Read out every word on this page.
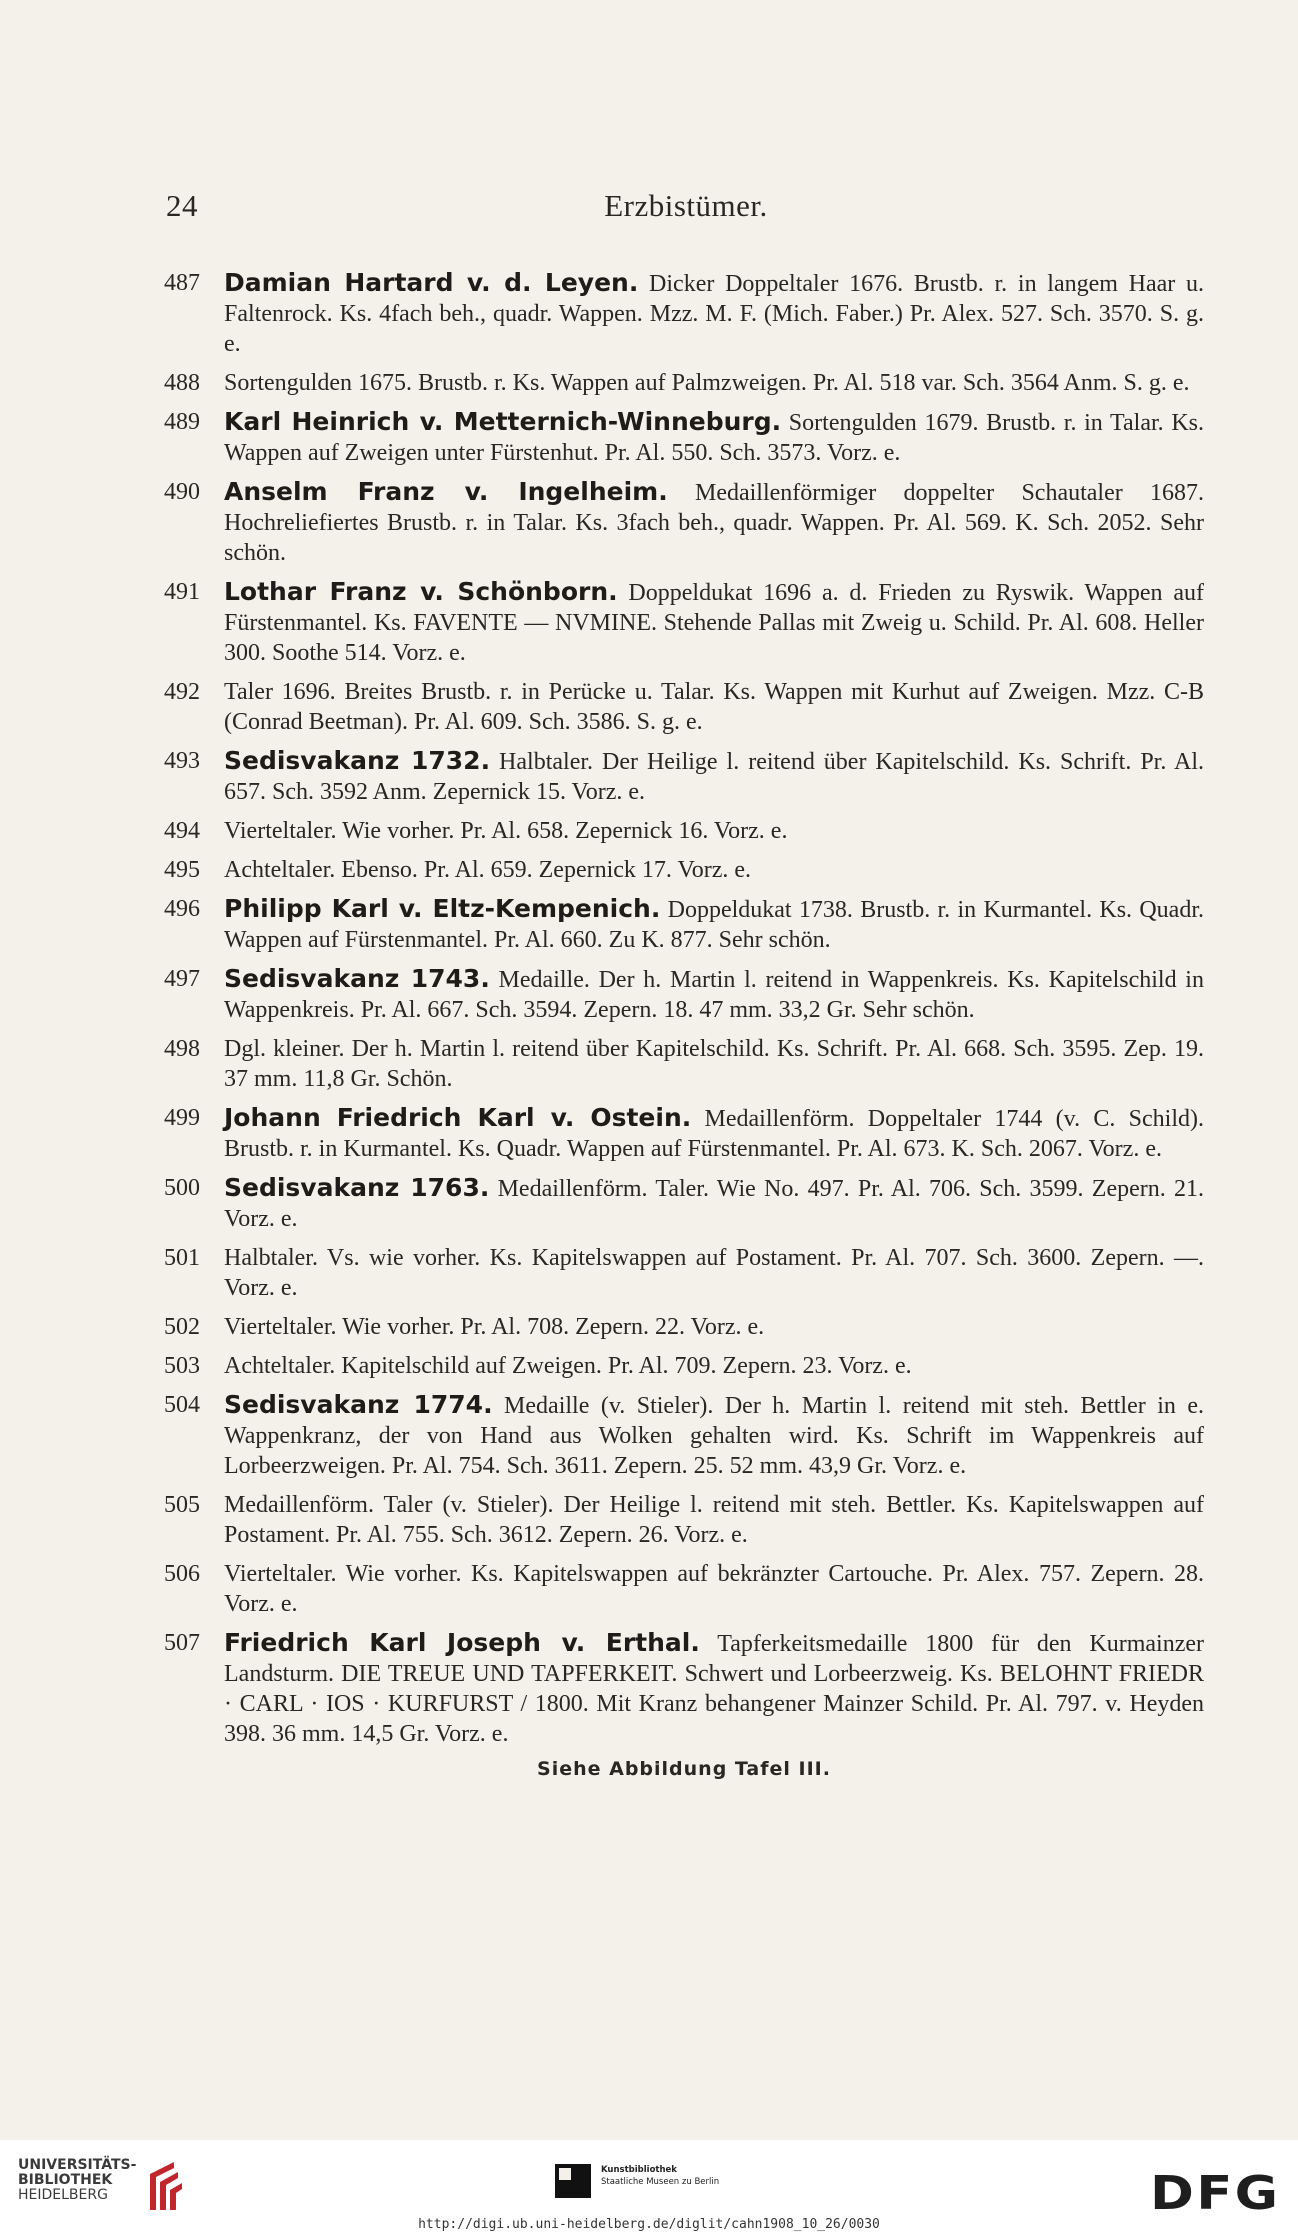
24	Erzbistümer.
487 Damian Hartard v. d. Leyen. Dicker Doppeltaler 1676. Brustb. r. in langem Haar u. Faltenrock. Ks. 4fach beh., quadr. Wappen. Mzz. M. F. (Mich. Faber.) Pr. Alex. 527. Sch. 3570. S. g. e.
488 Sortengulden 1675. Brustb. r. Ks. Wappen auf Palmzweigen. Pr. Al. 518 var. Sch. 3564 Anm. S. g. e.
489 Karl Heinrich v. Metternich-Winneburg. Sortengulden 1679. Brustb. r. in Talar. Ks. Wappen auf Zweigen unter Fürstenhut. Pr. Al. 550. Sch. 3573. Vorz. e.
490 Anselm Franz v. Ingelheim. Medaillenförmiger doppelter Schautaler 1687. Hochreliefiertes Brustb. r. in Talar. Ks. 3fach beh., quadr. Wappen. Pr. Al. 569. K. Sch. 2052. Sehr schön.
491 Lothar Franz v. Schönborn. Doppeldukat 1696 a. d. Frieden zu Ryswik. Wappen auf Fürstenmantel. Ks. FAVENTE — NVMINE. Stehende Pallas mit Zweig u. Schild. Pr. Al. 608. Heller 300. Soothe 514. Vorz. e.
492 Taler 1696. Breites Brustb. r. in Perücke u. Talar. Ks. Wappen mit Kurhut auf Zweigen. Mzz. C-B (Conrad Beetman). Pr. Al. 609. Sch. 3586. S. g. e.
493 Sedisvakanz 1732. Halbtaler. Der Heilige l. reitend über Kapitelschild. Ks. Schrift. Pr. Al. 657. Sch. 3592 Anm. Zepernick 15. Vorz. e.
494 Vierteltaler. Wie vorher. Pr. Al. 658. Zepernick 16. Vorz. e.
495 Achteltaler. Ebenso. Pr. Al. 659. Zepernick 17. Vorz. e.
496 Philipp Karl v. Eltz-Kempenich. Doppeldukat 1738. Brustb. r. in Kurmantel. Ks. Quadr. Wappen auf Fürstenmantel. Pr. Al. 660. Zu K. 877. Sehr schön.
497 Sedisvakanz 1743. Medaille. Der h. Martin l. reitend in Wappenkreis. Ks. Kapitelschild in Wappenkreis. Pr. Al. 667. Sch. 3594. Zepern. 18. 47 mm. 33,2 Gr. Sehr schön.
498 Dgl. kleiner. Der h. Martin l. reitend über Kapitelschild. Ks. Schrift. Pr. Al. 668. Sch. 3595. Zep. 19. 37 mm. 11,8 Gr. Schön.
499 Johann Friedrich Karl v. Ostein. Medaillenförm. Doppeltaler 1744 (v. C. Schild). Brustb. r. in Kurmantel. Ks. Quadr. Wappen auf Fürstenmantel. Pr. Al. 673. K. Sch. 2067. Vorz. e.
500 Sedisvakanz 1763. Medaillenförm. Taler. Wie No. 497. Pr. Al. 706. Sch. 3599. Zepern. 21. Vorz. e.
501 Halbtaler. Vs. wie vorher. Ks. Kapitelswappen auf Postament. Pr. Al. 707. Sch. 3600. Zepern. —. Vorz. e.
502 Vierteltaler. Wie vorher. Pr. Al. 708. Zepern. 22. Vorz. e.
503 Achteltaler. Kapitelschild auf Zweigen. Pr. Al. 709. Zepern. 23. Vorz. e.
504 Sedisvakanz 1774. Medaille (v. Stieler). Der h. Martin l. reitend mit steh. Bettler in e. Wappenkranz, der von Hand aus Wolken gehalten wird. Ks. Schrift im Wappenkreis auf Lorbeerzweigen. Pr. Al. 754. Sch. 3611. Zepern. 25. 52 mm. 43,9 Gr. Vorz. e.
505 Medaillenförm. Taler (v. Stieler). Der Heilige l. reitend mit steh. Bettler. Ks. Kapitelswappen auf Postament. Pr. Al. 755. Sch. 3612. Zepern. 26. Vorz. e.
506 Vierteltaler. Wie vorher. Ks. Kapitelswappen auf bekränzter Cartouche. Pr. Alex. 757. Zepern. 28. Vorz. e.
507 Friedrich Karl Joseph v. Erthal. Tapferkeitsmedaille 1800 für den Kurmainzer Landsturm. DIE TREUE UND TAPFERKEIT. Schwert und Lorbeerzweig. Ks. BELOHNT FRIEDR · CARL · IOS · KURFURST / 1800. Mit Kranz behangener Mainzer Schild. Pr. Al. 797. v. Heyden 398. 36 mm. 14,5 Gr. Vorz. e.
Siehe Abbildung Tafel III.
UNIVERSITÄTS-
BIBLIOTHEK
HEIDELBERG
Kunstbibliothek
Staatliche Museen zu Berlin	DFG
http://digi.ub.uni-heidelberg.de/diglit/cahn1908_10_26/0030
